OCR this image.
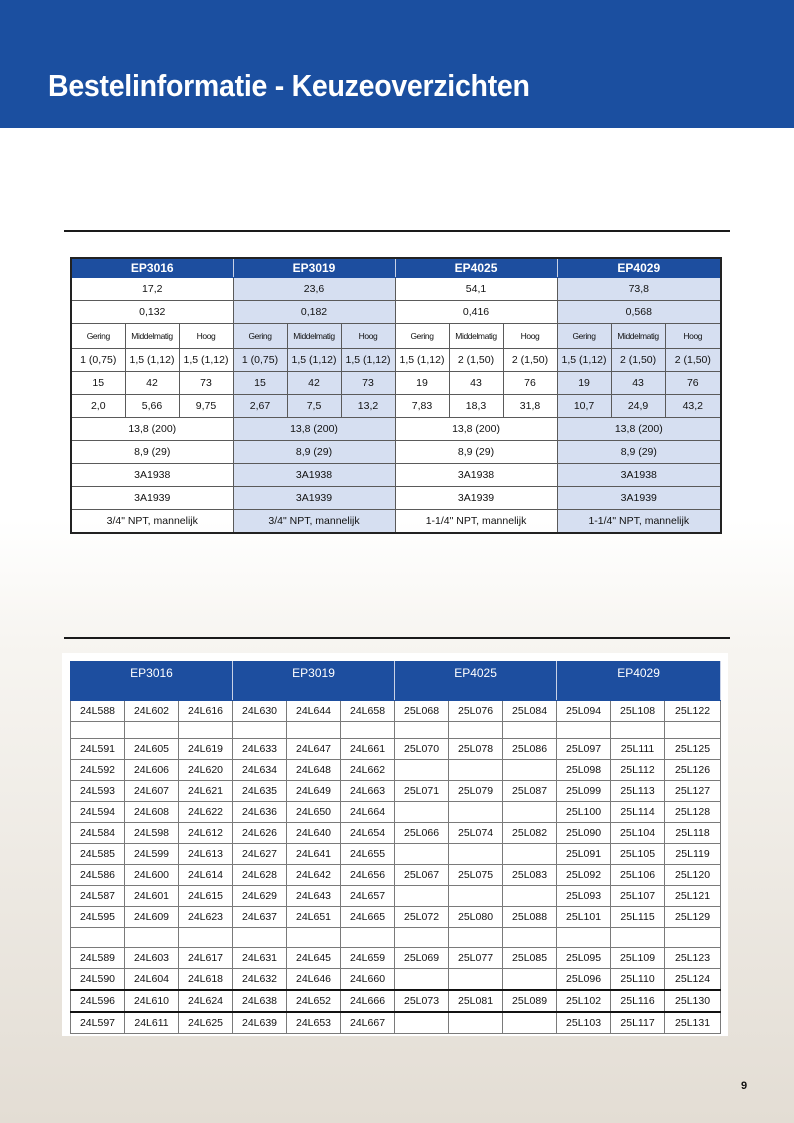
Bestelinformatie - Keuzeoverzichten
EP3016			EP3019			EP4025			EP4029		
17,2			23,6			54,1			73,8		
0,132			0,182			0,416			0,568		
Gering	Middelmatig	Hoog	Gering	Middelmatig	Hoog	Gering	Middelmatig	Hoog	Gering	Middelmatig	Hoog
1 (0,75)	1,5 (1,12)	1,5 (1,12)	1 (0,75)	1,5 (1,12)	1,5 (1,12)	1,5 (1,12)	2 (1,50)	2 (1,50)	1,5 (1,12)	2 (1,50)	2 (1,50)
15	42	73	15	42	73	19	43	76	19	43	76
2,0	5,66	9,75	2,67	7,5	13,2	7,83	18,3	31,8	10,7	24,9	43,2
13,8 (200)			13,8 (200)			13,8 (200)			13,8 (200)		
8,9 (29)			8,9 (29)			8,9 (29)			8,9 (29)		
3A1938			3A1938			3A1938			3A1938		
3A1939			3A1939			3A1939			3A1939		
3/4" NPT, mannelijk			3/4" NPT, mannelijk			1-1/4" NPT, mannelijk			1-1/4" NPT, mannelijk		
EP3016			EP3019			EP4025			EP4029		
24L588	24L602	24L616	24L630	24L644	24L658	25L068	25L076	25L084	25L094	25L108	25L122

24L591	24L605	24L619	24L633	24L647	24L661	25L070	25L078	25L086	25L097	25L111	25L125
24L592	24L606	24L620	24L634	24L648	24L662				25L098	25L112	25L126
24L593	24L607	24L621	24L635	24L649	24L663	25L071	25L079	25L087	25L099	25L113	25L127
24L594	24L608	24L622	24L636	24L650	24L664				25L100	25L114	25L128
24L584	24L598	24L612	24L626	24L640	24L654	25L066	25L074	25L082	25L090	25L104	25L118
24L585	24L599	24L613	24L627	24L641	24L655				25L091	25L105	25L119
24L586	24L600	24L614	24L628	24L642	24L656	25L067	25L075	25L083	25L092	25L106	25L120
24L587	24L601	24L615	24L629	24L643	24L657				25L093	25L107	25L121
24L595	24L609	24L623	24L637	24L651	24L665	25L072	25L080	25L088	25L101	25L115	25L129

24L589	24L603	24L617	24L631	24L645	24L659	25L069	25L077	25L085	25L095	25L109	25L123
24L590	24L604	24L618	24L632	24L646	24L660				25L096	25L110	25L124
24L596	24L610	24L624	24L638	24L652	24L666	25L073	25L081	25L089	25L102	25L116	25L130
24L597	24L611	24L625	24L639	24L653	24L667				25L103	25L117	25L131
9
